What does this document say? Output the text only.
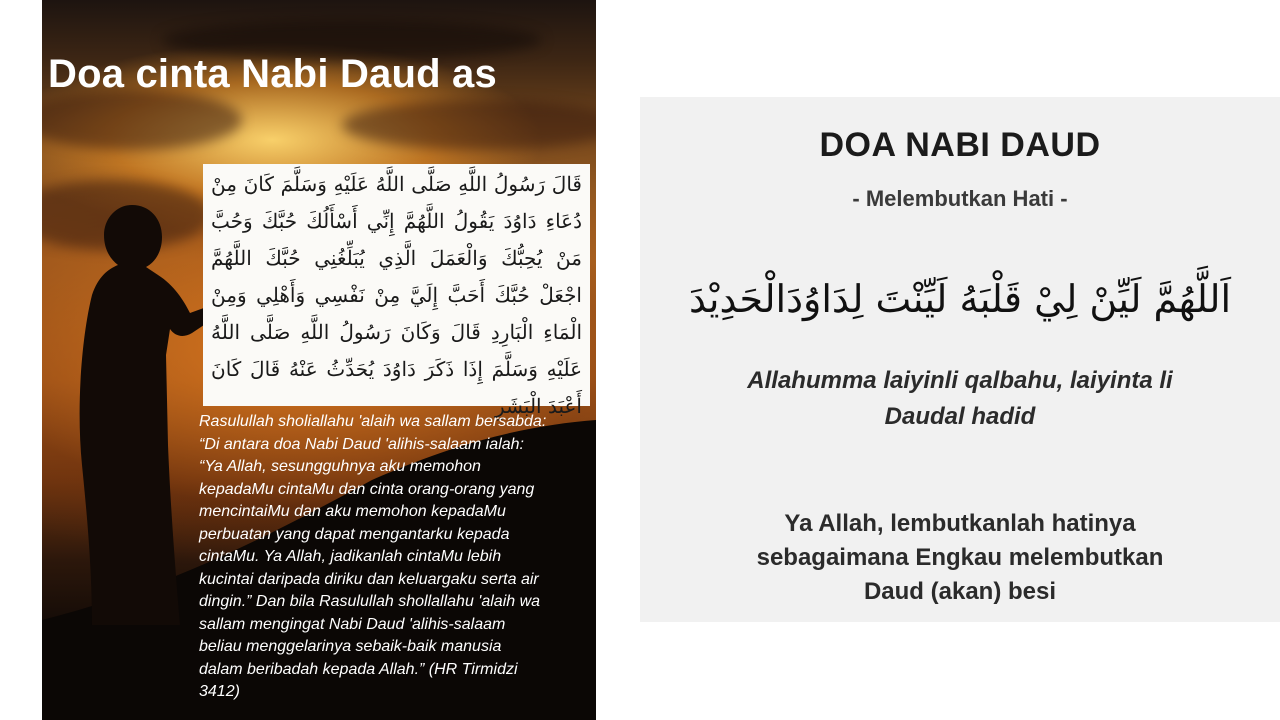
Doa cinta Nabi Daud as

قَالَ رَسُولُ اللَّهِ صَلَّى اللَّهُ عَلَيْهِ وَسَلَّمَ كَانَ مِنْ دُعَاءِ دَاوُدَ يَقُولُ اللَّهُمَّ إِنِّي أَسْأَلُكَ حُبَّكَ وَحُبَّ مَنْ يُحِبُّكَ وَالْعَمَلَ الَّذِي يُبَلِّغُنِي حُبَّكَ اللَّهُمَّ اجْعَلْ حُبَّكَ أَحَبَّ إِلَيَّ مِنْ نَفْسِي وَأَهْلِي وَمِنْ الْمَاءِ الْبَارِدِ قَالَ وَكَانَ رَسُولُ اللَّهِ صَلَّى اللَّهُ عَلَيْهِ وَسَلَّمَ إِذَا ذَكَرَ دَاوُدَ يُحَدِّثُ عَنْهُ قَالَ كَانَ أَعْبَدَ الْبَشَرِ

Rasulullah sholiallahu 'alaih wa sallam bersabda:
“Di antara doa Nabi Daud 'alihis-salaam ialah:
“Ya Allah, sesungguhnya aku memohon
kepadaMu cintaMu dan cinta orang-orang yang
mencintaiMu dan aku memohon kepadaMu
perbuatan yang dapat mengantarku kepada
cintaMu. Ya Allah, jadikanlah cintaMu lebih
kucintai daripada diriku dan keluargaku serta air
dingin.” Dan bila Rasulullah shollallahu 'alaih wa
sallam mengingat Nabi Daud 'alihis-salaam
beliau menggelarinya sebaik-baik manusia
dalam beribadah kepada Allah.” (HR Tirmidzi
3412)

DOA NABI DAUD

- Melembutkan Hati -

اَللَّهُمَّ لَيِّنْ لِيْ قَلْبَهُ لَيِّنْتَ لِدَاوُدَالْحَدِيْدَ

Allahumma laiyinli qalbahu, laiyinta li
Daudal hadid

Ya Allah, lembutkanlah hatinya
sebagaimana Engkau melembutkan
Daud (akan) besi
